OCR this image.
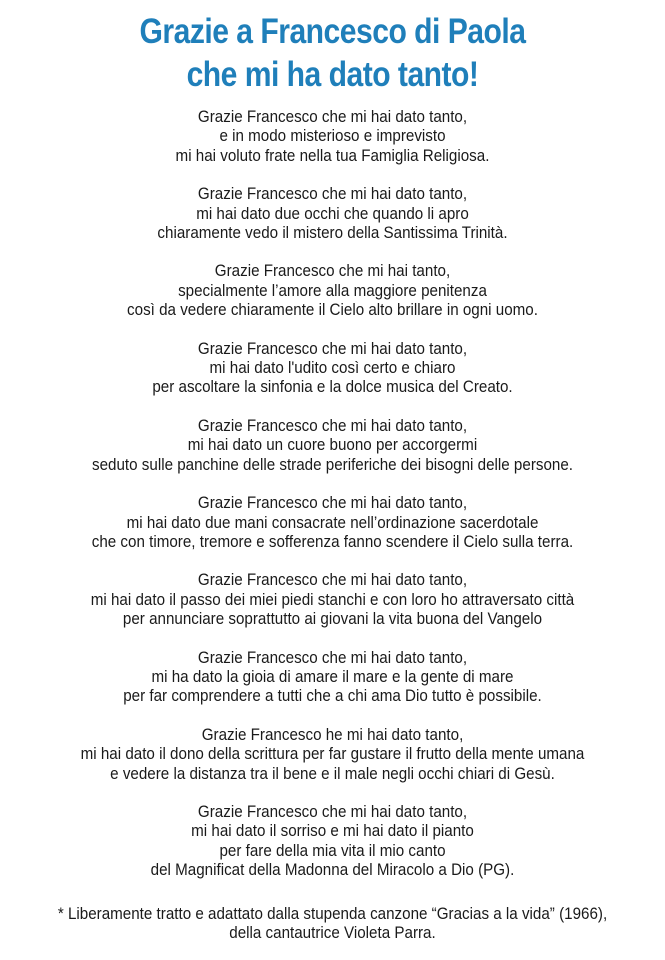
Grazie a Francesco di Paola
che mi ha dato tanto!
Grazie Francesco che mi hai dato tanto,
e in modo misterioso e imprevisto
mi hai voluto frate nella tua Famiglia Religiosa.
Grazie Francesco che mi hai dato tanto,
mi hai dato due occhi che quando li apro
chiaramente vedo il mistero della Santissima Trinità.
Grazie Francesco che mi hai tanto,
specialmente l’amore alla maggiore penitenza
così da vedere chiaramente il Cielo alto brillare in ogni uomo.
Grazie Francesco che mi hai dato tanto,
mi hai dato l'udito così certo e chiaro
per ascoltare la sinfonia e la dolce musica del Creato.
Grazie Francesco che mi hai dato tanto,
mi hai dato un cuore buono per accorgermi
seduto sulle panchine delle strade periferiche dei bisogni delle persone.
Grazie Francesco che mi hai dato tanto,
mi hai dato due mani consacrate nell’ordinazione sacerdotale
che con timore, tremore e sofferenza fanno scendere il Cielo sulla terra.
Grazie Francesco che mi hai dato tanto,
mi hai dato il passo dei miei piedi stanchi e con loro ho attraversato città
per annunciare soprattutto ai giovani la vita buona del Vangelo
Grazie Francesco che mi hai dato tanto,
mi ha dato la gioia di amare il mare e la gente di mare
per far comprendere a tutti che a chi ama Dio tutto è possibile.
Grazie Francesco he mi hai dato tanto,
mi hai dato il dono della scrittura per far gustare il frutto della mente umana
e vedere la distanza tra il bene e il male negli occhi chiari di Gesù.
Grazie Francesco che mi hai dato tanto,
mi hai dato il sorriso e mi hai dato il pianto
per fare della mia vita il mio canto
del Magnificat della Madonna del Miracolo a Dio (PG).
* Liberamente tratto e adattato dalla stupenda canzone “Gracias a la vida” (1966),
della cantautrice Violeta Parra.
